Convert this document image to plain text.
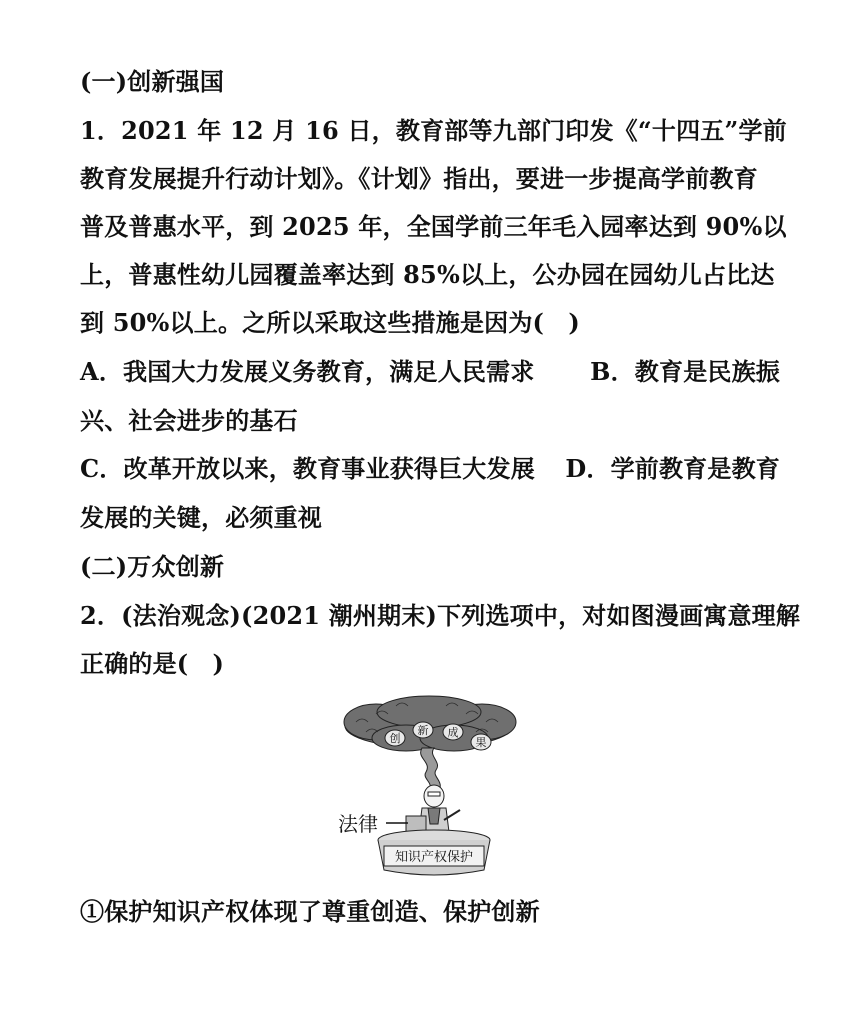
(一)创新强国
1．2021 年 12 月 16 日，教育部等九部门印发《“十四五”学前
教育发展提升行动计划》。《计划》指出，要进一步提高学前教育
普及普惠水平，到 2025 年，全国学前三年毛入园率达到 90%以
上，普惠性幼儿园覆盖率达到 85%以上，公办园在园幼儿占比达
到 50%以上。之所以采取这些措施是因为(　)
A．我国大力发展义务教育，满足人民需求 B．教育是民族振
兴、社会进步的基石
C．改革开放以来，教育事业获得巨大发展 D．学前教育是教育
发展的关键，必须重视
(二)万众创新
2．(法治观念)(2021 潮州期末)下列选项中，对如图漫画寓意理解
正确的是(　)
创
新 成
果
法律
知识产权保护
①保护知识产权体现了尊重创造、保护创新
